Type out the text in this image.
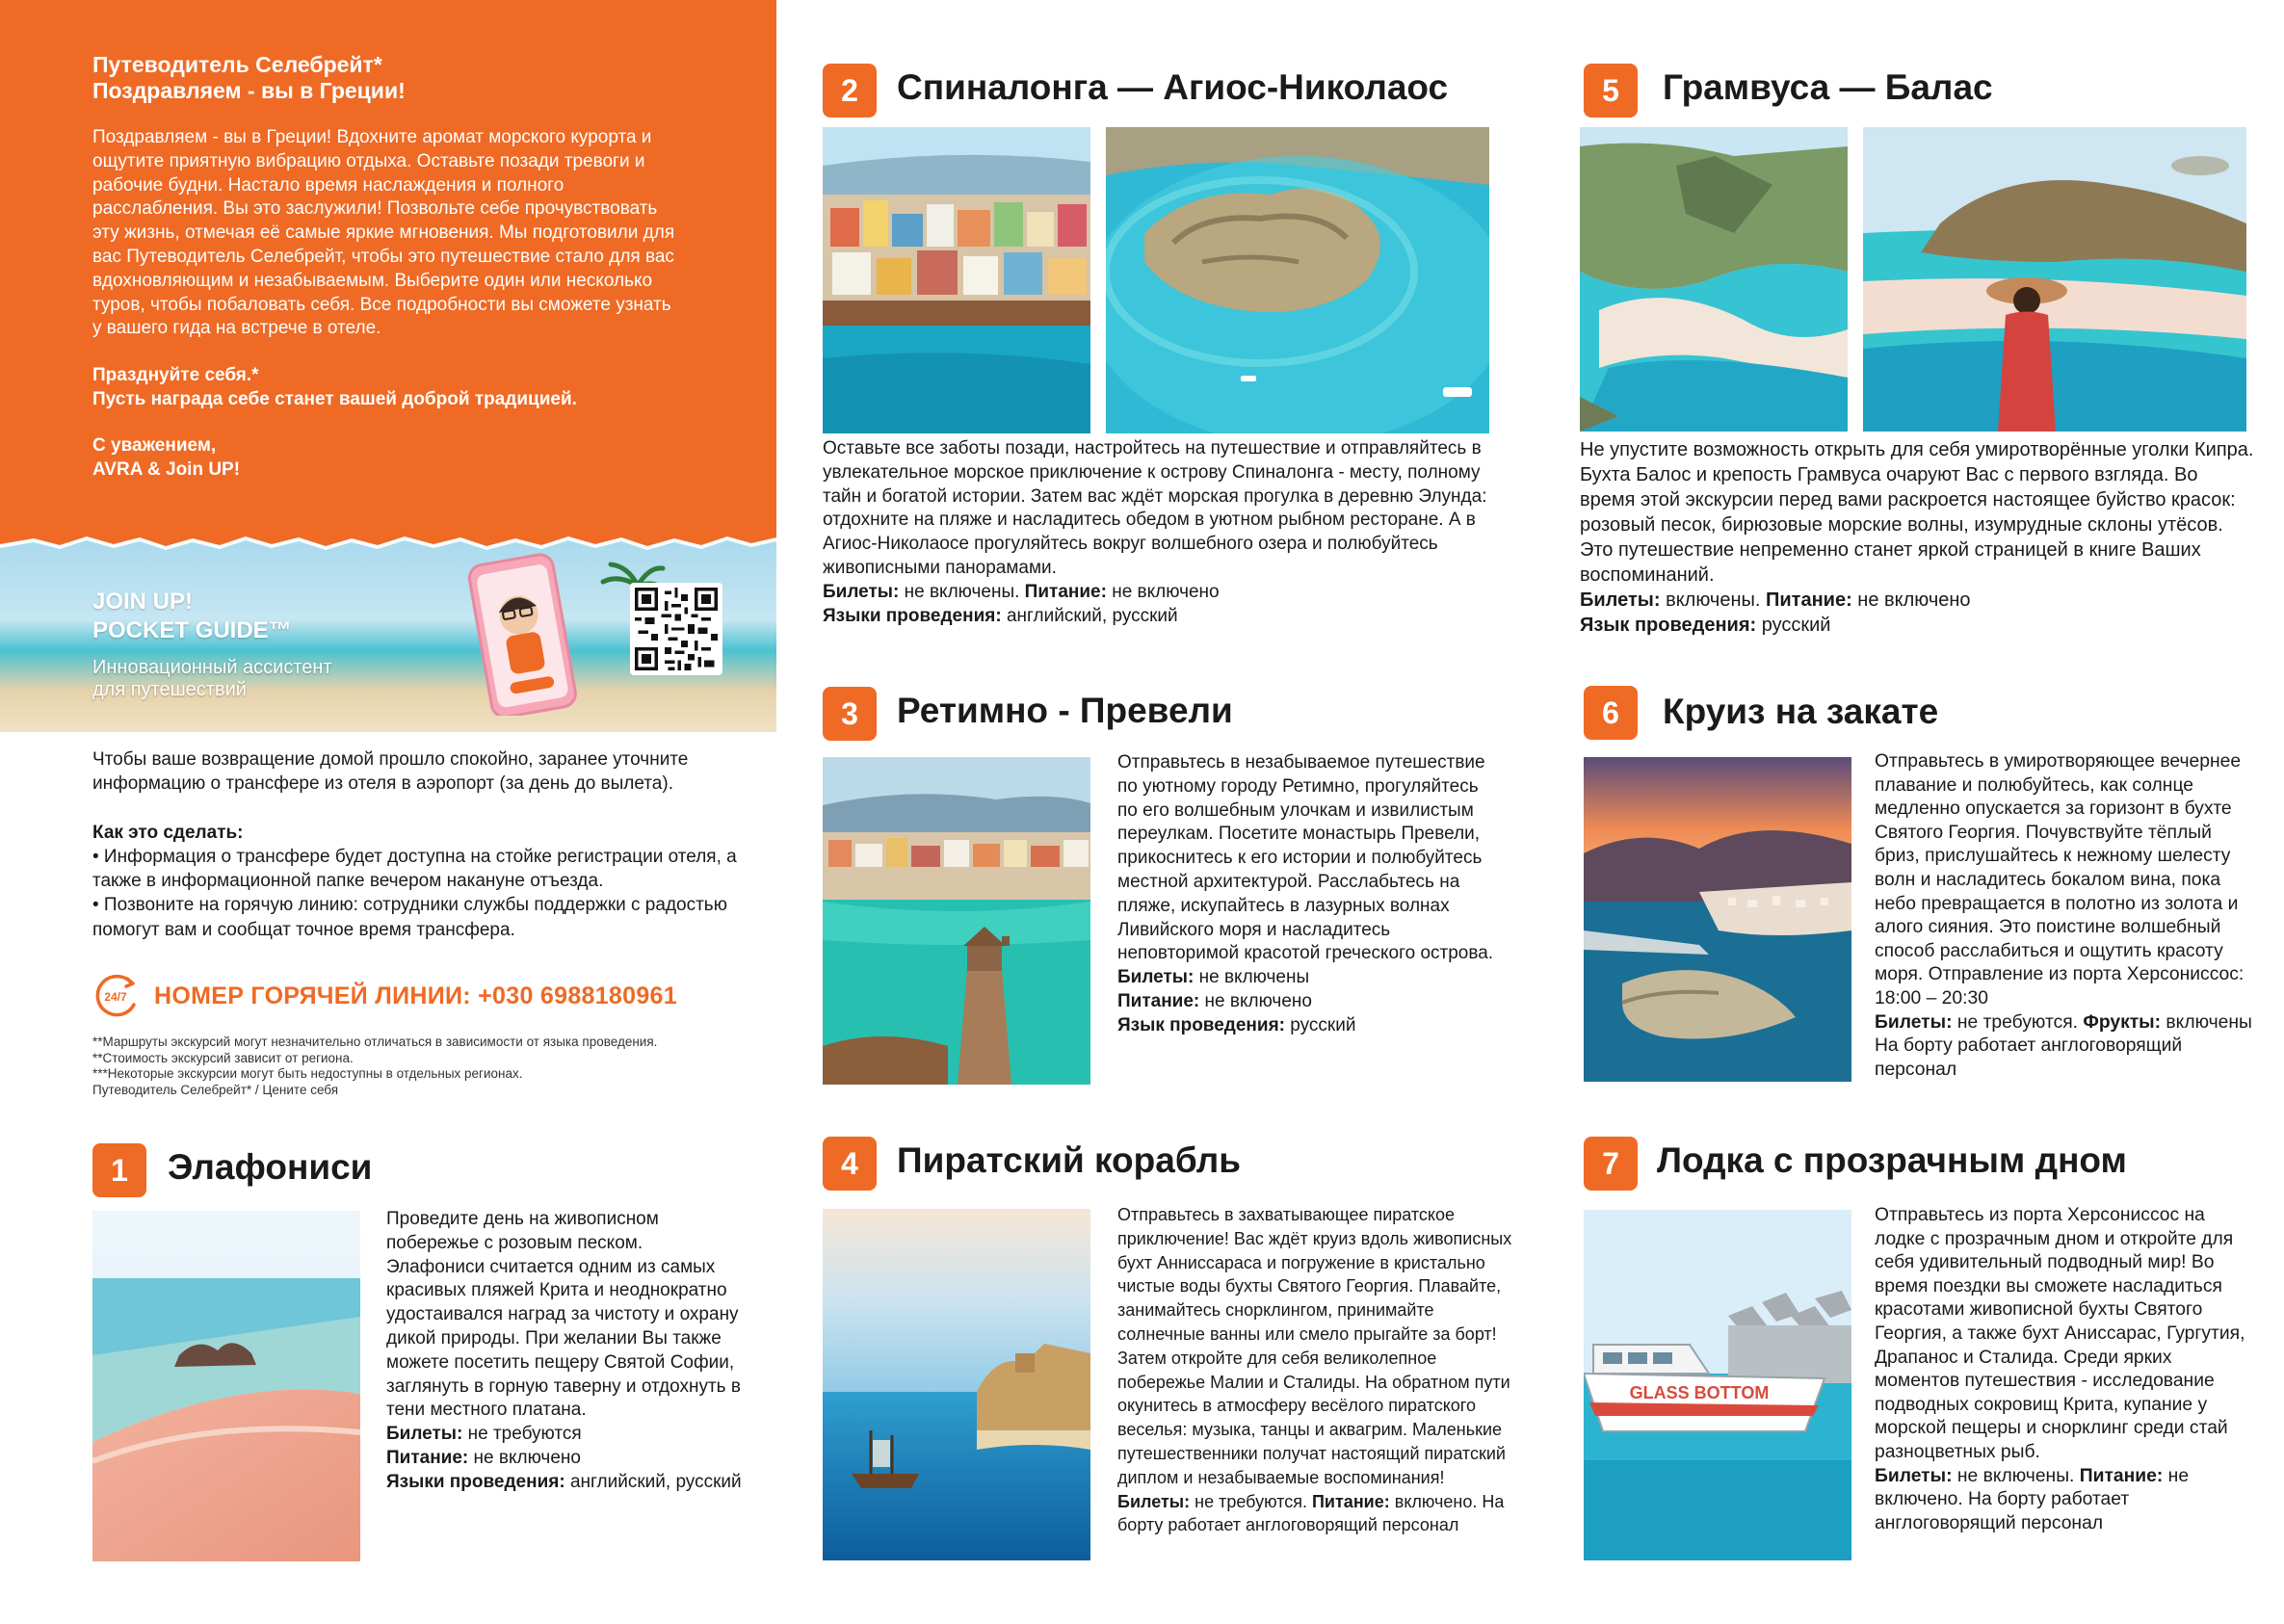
Путеводитель Селебрейт*
Поздравляем - вы в Греции!
Поздравляем - вы в Греции! Вдохните аромат морского курорта и ощутите приятную вибрацию отдыха. Оставьте позади тревоги и рабочие будни. Настало время наслаждения и полного расслабления. Вы это заслужили! Позвольте себе прочувствовать эту жизнь, отмечая её самые яркие мгновения. Мы подготовили для вас Путеводитель Селебрейт, чтобы это путешествие стало для вас вдохновляющим и незабываемым. Выберите один или несколько туров, чтобы побаловать себя. Все подробности вы сможете узнать у вашего гида на встрече в отеле.
Празднуйте себя.*
Пусть награда себе станет вашей доброй традицией.
С уважением,
AVRA & Join UP!
JOIN UP!
POCKET GUIDE™
Инновационный ассистент
для путешествий
Чтобы ваше возвращение домой прошло спокойно, заранее уточните информацию о трансфере из отеля в аэропорт (за день до вылета).
Как это сделать:
• Информация о трансфере будет доступна на стойке регистрации отеля, а также в информационной папке вечером накануне отъезда.
• Позвоните на горячую линию: сотрудники службы поддержки с радостью помогут вам и сообщат точное время трансфера.
24/7 НОМЕР ГОРЯЧЕЙ ЛИНИИ: +030 6988180961
**Маршруты экскурсий могут незначительно отличаться в зависимости от языка проведения.
**Стоимость экскурсий зависит от региона.
***Некоторые экскурсии могут быть недоступны в отдельных регионах.
Путеводитель Селебрейт* / Цените себя
1	Элафониси
Проведите день на живописном побережье с розовым песком. Элафониси считается одним из самых красивых пляжей Крита и неоднократно удостаивался наград за чистоту и охрану дикой природы. При желании Вы также можете посетить пещеру Святой Софии, заглянуть в горную таверну и отдохнуть в тени местного платана.
Билеты: не требуются
Питание: не включено
Языки проведения: английский, русский
2	Спиналонга — Агиос-Николаос
Оставьте все заботы позади, настройтесь на путешествие и отправляйтесь в увлекательное морское приключение к острову Спиналонга - месту, полному тайн и богатой истории. Затем вас ждёт морская прогулка в деревню Элунда: отдохните на пляже и насладитесь обедом в уютном рыбном ресторане. А в Агиос-Николаосе прогуляйтесь вокруг волшебного озера и полюбуйтесь живописными панорамами.
Билеты: не включены. Питание: не включено
Языки проведения: английский, русский
3	Ретимно - Превели
Отправьтесь в незабываемое путешествие по уютному городу Ретимно, прогуляйтесь по его волшебным улочкам и извилистым переулкам. Посетите монастырь Превели, прикоснитесь к его истории и полюбуйтесь местной архитектурой. Расслабьтесь на пляже, искупайтесь в лазурных волнах Ливийского моря и насладитесь неповторимой красотой греческого острова.
Билеты: не включены
Питание: не включено
Язык проведения: русский
4	Пиратский корабль
Отправьтесь в захватывающее пиратское приключение! Вас ждёт круиз вдоль живописных бухт Анниссараса и погружение в кристально чистые воды бухты Святого Георгия. Плавайте, занимайтесь снорклингом, принимайте солнечные ванны или смело прыгайте за борт! Затем откройте для себя великолепное побережье Малии и Сталиды. На обратном пути окунитесь в атмосферу весёлого пиратского веселья: музыка, танцы и аквагрим. Маленькие путешественники получат настоящий пиратский диплом и незабываемые воспоминания!
Билеты: не требуются. Питание: включено. На борту работает англоговорящий персонал
5	Грамвуса — Балас
Не упустите возможность открыть для себя умиротворённые уголки Кипра. Бухта Балос и крепость Грамвуса очаруют Вас с первого взгляда. Во время этой экскурсии перед вами раскроется настоящее буйство красок: розовый песок, бирюзовые морские волны, изумрудные склоны утёсов. Это путешествие непременно станет яркой страницей в книге Ваших воспоминаний.
Билеты: включены. Питание: не включено
Язык проведения: русский
6	Круиз на закате
Отправьтесь в умиротворяющее вечернее плавание и полюбуйтесь, как солнце медленно опускается за горизонт в бухте Святого Георгия. Почувствуйте тёплый бриз, прислушайтесь к нежному шелесту волн и насладитесь бокалом вина, пока небо превращается в полотно из золота и алого сияния. Это поистине волшебный способ расслабиться и ощутить красоту моря. Отправление из порта Херсониссос: 18:00 – 20:30
Билеты: не требуются. Фрукты: включены
На борту работает англоговорящий персонал
7	Лодка с прозрачным дном
GLASS BOTTOM
Отправьтесь из порта Херсониссос на лодке с прозрачным дном и откройте для себя удивительный подводный мир! Во время поездки вы сможете насладиться красотами живописной бухты Святого Георгия, а также бухт Аниссарас, Гургутия, Драпанос и Сталида. Среди ярких моментов путешествия - исследование подводных сокровищ Крита, купание у морской пещеры и снорклинг среди стай разноцветных рыб.
Билеты: не включены. Питание: не включено. На борту работает англоговорящий персонал
